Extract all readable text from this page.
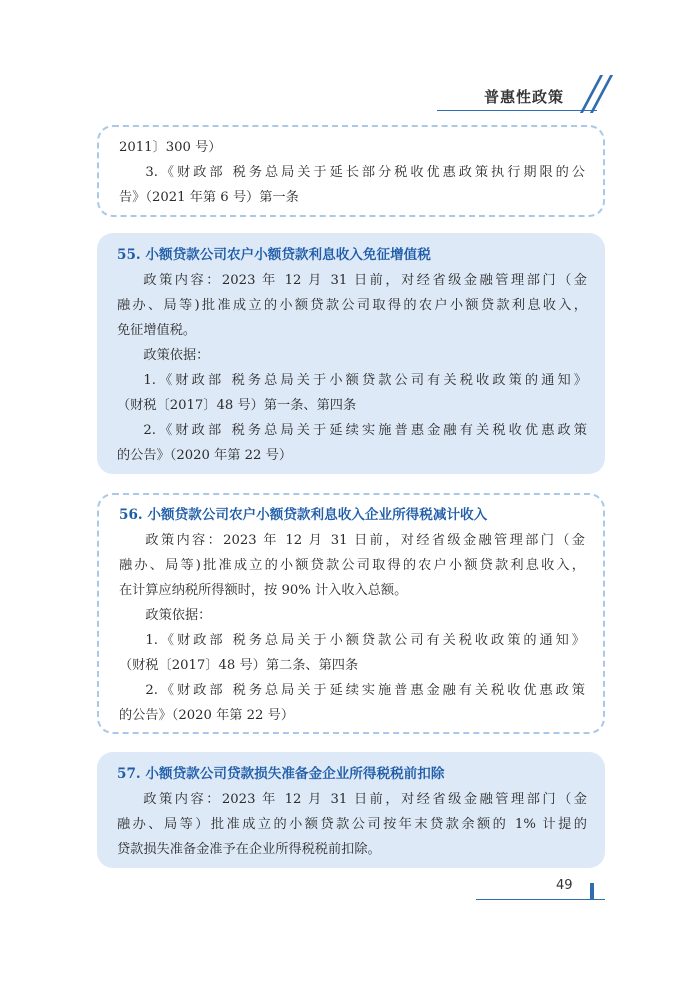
普惠性政策

2011〕300 号）

3.《财政部 税务总局关于延长部分税收优惠政策执行期限的公

告》（2021 年第 6 号）第一条

55. 小额贷款公司农户小额贷款利息收入免征增值税

政策内容：2023 年 12 月 31 日前，对经省级金融管理部门（金

融办、局等)批准成立的小额贷款公司取得的农户小额贷款利息收入，

免征增值税。

政策依据：

1.《财政部 税务总局关于小额贷款公司有关税收政策的通知》

（财税〔2017〕48 号）第一条、第四条

2.《财政部 税务总局关于延续实施普惠金融有关税收优惠政策

的公告》（2020 年第 22 号）

56. 小额贷款公司农户小额贷款利息收入企业所得税减计收入

政策内容：2023 年 12 月 31 日前，对经省级金融管理部门（金

融办、局等)批准成立的小额贷款公司取得的农户小额贷款利息收入，

在计算应纳税所得额时，按 90% 计入收入总额。

政策依据：

1.《财政部 税务总局关于小额贷款公司有关税收政策的通知》

（财税〔2017〕48 号）第二条、第四条

2.《财政部 税务总局关于延续实施普惠金融有关税收优惠政策

的公告》（2020 年第 22 号）

57. 小额贷款公司贷款损失准备金企业所得税税前扣除

政策内容：2023 年 12 月 31 日前，对经省级金融管理部门（金

融办、局等）批准成立的小额贷款公司按年末贷款余额的 1% 计提的

贷款损失准备金准予在企业所得税税前扣除。

49
